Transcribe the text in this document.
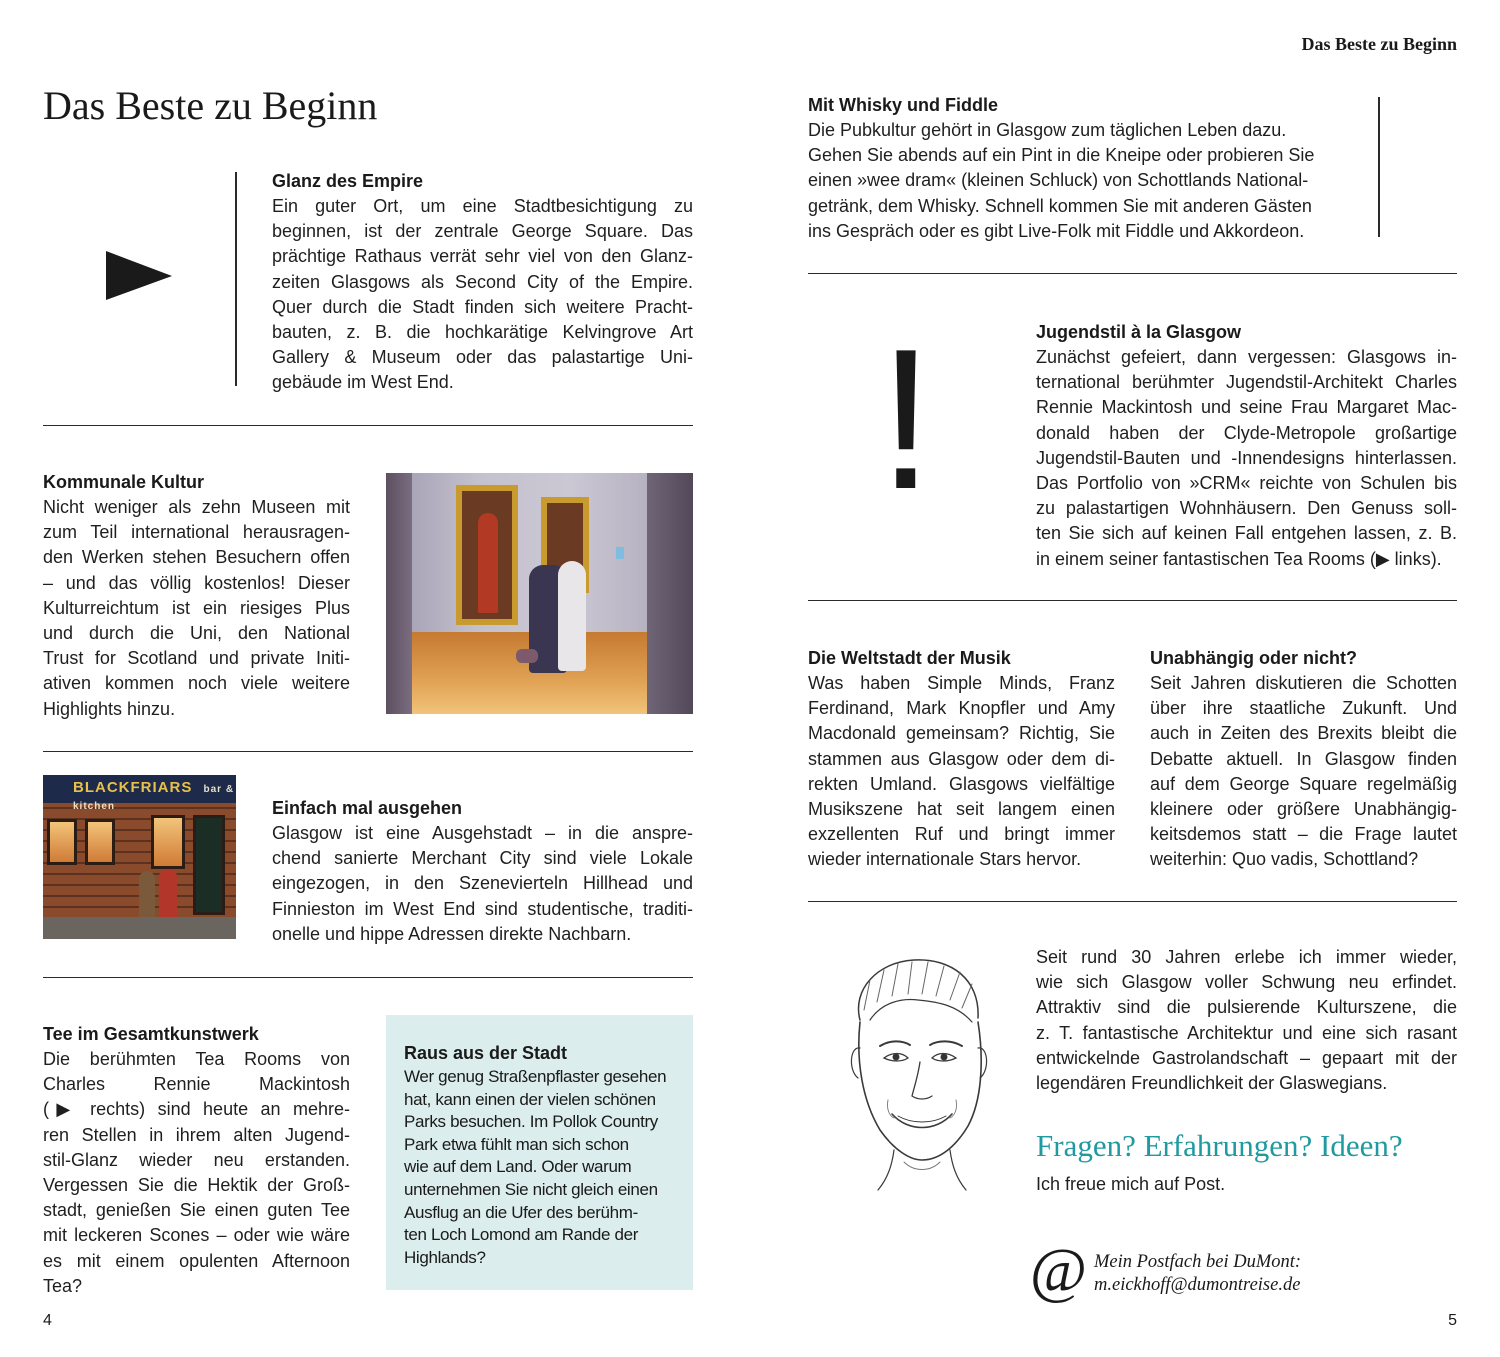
Das Beste zu Beginn
Das Beste zu Beginn
Glanz des Empire
Ein guter Ort, um eine Stadtbesichtigung zu
beginnen, ist der zentrale George Square. Das
prächtige Rathaus verrät sehr viel von den Glanz-
zeiten Glasgows als Second City of the Empire.
Quer durch die Stadt finden sich weitere Pracht-
bauten, z. B. die hochkarätige Kelvingrove Art
Gallery & Museum oder das palastartige Uni-
gebäude im West End.
Kommunale Kultur
Nicht weniger als zehn Museen mit
zum Teil international herausragen-
den Werken stehen Besuchern offen
– und das völlig kostenlos! Dieser
Kulturreichtum ist ein riesiges Plus
und durch die Uni, den National
Trust for Scotland und private Initi-
ativen kommen noch viele weitere
Highlights hinzu.
BLACKFRIARS bar & kitchen	Einfach mal ausgehen
Glasgow ist eine Ausgehstadt – in die anspre-
chend sanierte Merchant City sind viele Lokale
eingezogen, in den Szenevierteln Hillhead und
Finnieston im West End sind studentische, traditi-
onelle und hippe Adressen direkte Nachbarn.
Tee im Gesamtkunstwerk
Die berühmten Tea Rooms von
Charles Rennie Mackintosh
(▶ rechts) sind heute an mehre-
ren Stellen in ihrem alten Jugend-
stil-Glanz wieder neu erstanden.
Vergessen Sie die Hektik der Groß-
stadt, genießen Sie einen guten Tee
mit leckeren Scones – oder wie wäre
es mit einem opulenten Afternoon
Tea?
Raus aus der Stadt
Wer genug Straßenpflaster gesehen
hat, kann einen der vielen schönen
Parks besuchen. Im Pollok Country
Park etwa fühlt man sich schon
wie auf dem Land. Oder warum
unternehmen Sie nicht gleich einen
Ausflug an die Ufer des berühm-
ten Loch Lomond am Rande der
Highlands?
4
Mit Whisky und Fiddle
Die Pubkultur gehört in Glasgow zum täglichen Leben dazu.
Gehen Sie abends auf ein Pint in die Kneipe oder probieren Sie
einen »wee dram« (kleinen Schluck) von Schottlands National-
getränk, dem Whisky. Schnell kommen Sie mit anderen Gästen
ins Gespräch oder es gibt Live-Folk mit Fiddle und Akkordeon.
!	Jugendstil à la Glasgow
Zunächst gefeiert, dann vergessen: Glasgows in-
ternational berühmter Jugendstil-Architekt Charles
Rennie Mackintosh und seine Frau Margaret Mac-
donald haben der Clyde-Metropole großartige
Jugendstil-Bauten und -Innendesigns hinterlassen.
Das Portfolio von »CRM« reichte von Schulen bis
zu palastartigen Wohnhäusern. Den Genuss soll-
ten Sie sich auf keinen Fall entgehen lassen, z. B.
in einem seiner fantastischen Tea Rooms (▶ links).
Die Weltstadt der Musik
Was haben Simple Minds, Franz
Ferdinand, Mark Knopfler und Amy
Macdonald gemeinsam? Richtig, Sie
stammen aus Glasgow oder dem di-
rekten Umland. Glasgows vielfältige
Musikszene hat seit langem einen
exzellenten Ruf und bringt immer
wieder internationale Stars hervor.
Unabhängig oder nicht?
Seit Jahren diskutieren die Schotten
über ihre staatliche Zukunft. Und
auch in Zeiten des Brexits bleibt die
Debatte aktuell. In Glasgow finden
auf dem George Square regelmäßig
kleinere oder größere Unabhängig-
keitsdemos statt – die Frage lautet
weiterhin: Quo vadis, Schottland?
Seit rund 30 Jahren erlebe ich immer wieder,
wie sich Glasgow voller Schwung neu erfindet.
Attraktiv sind die pulsierende Kulturszene, die
z. T. fantastische Architektur und eine sich rasant
entwickelnde Gastrolandschaft – gepaart mit der
legendären Freundlichkeit der Glaswegians.
Fragen? Erfahrungen? Ideen?
Ich freue mich auf Post.
@ Mein Postfach bei DuMont:
m.eickhoff@dumontreise.de
5
